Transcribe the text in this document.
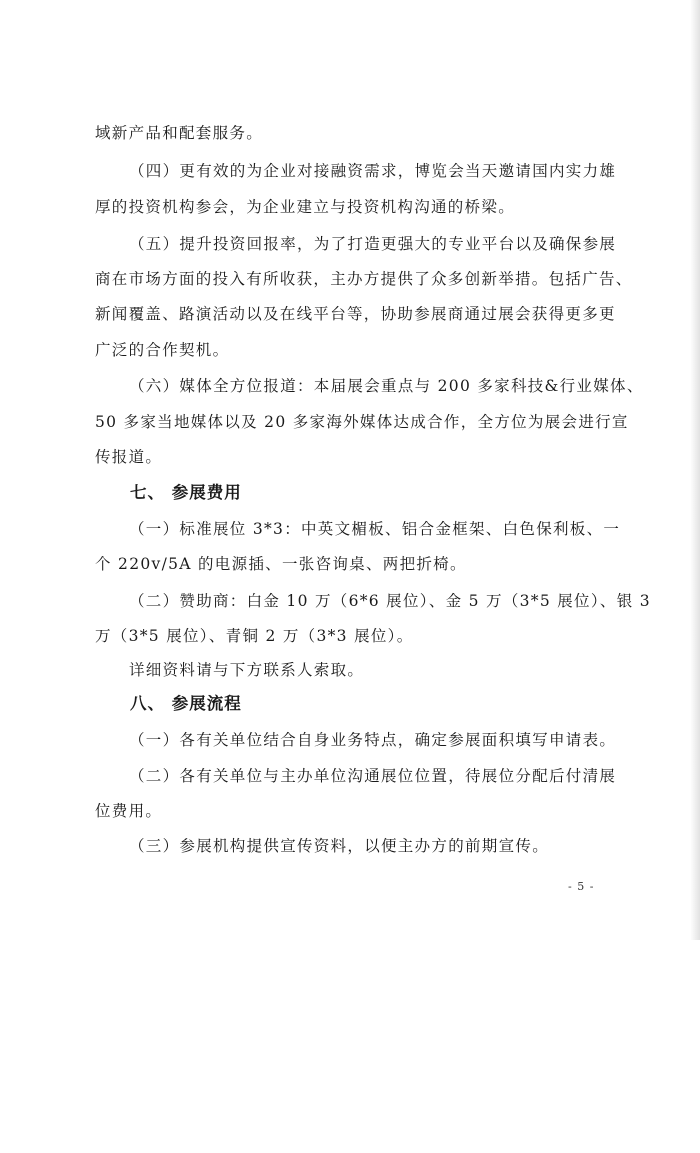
域新产品和配套服务。
（四）更有效的为企业对接融资需求，博览会当天邀请国内实力雄
厚的投资机构参会，为企业建立与投资机构沟通的桥梁。
（五）提升投资回报率，为了打造更强大的专业平台以及确保参展
商在市场方面的投入有所收获，主办方提供了众多创新举措。包括广告、
新闻覆盖、路演活动以及在线平台等，协助参展商通过展会获得更多更
广泛的合作契机。
（六）媒体全方位报道：本届展会重点与 200 多家科技&行业媒体、
50 多家当地媒体以及 20 多家海外媒体达成合作，全方位为展会进行宣
传报道。
七、 参展费用
（一）标准展位 3*3：中英文楣板、铝合金框架、白色保利板、一
个 220v/5A 的电源插、一张咨询桌、两把折椅。
（二）赞助商：白金 10 万（6*6 展位）、金 5 万（3*5 展位）、银 3
万（3*5 展位）、青铜 2 万（3*3 展位）。
详细资料请与下方联系人索取。
八、 参展流程
（一）各有关单位结合自身业务特点，确定参展面积填写申请表。
（二）各有关单位与主办单位沟通展位位置，待展位分配后付清展
位费用。
（三）参展机构提供宣传资料，以便主办方的前期宣传。
- 5 -
